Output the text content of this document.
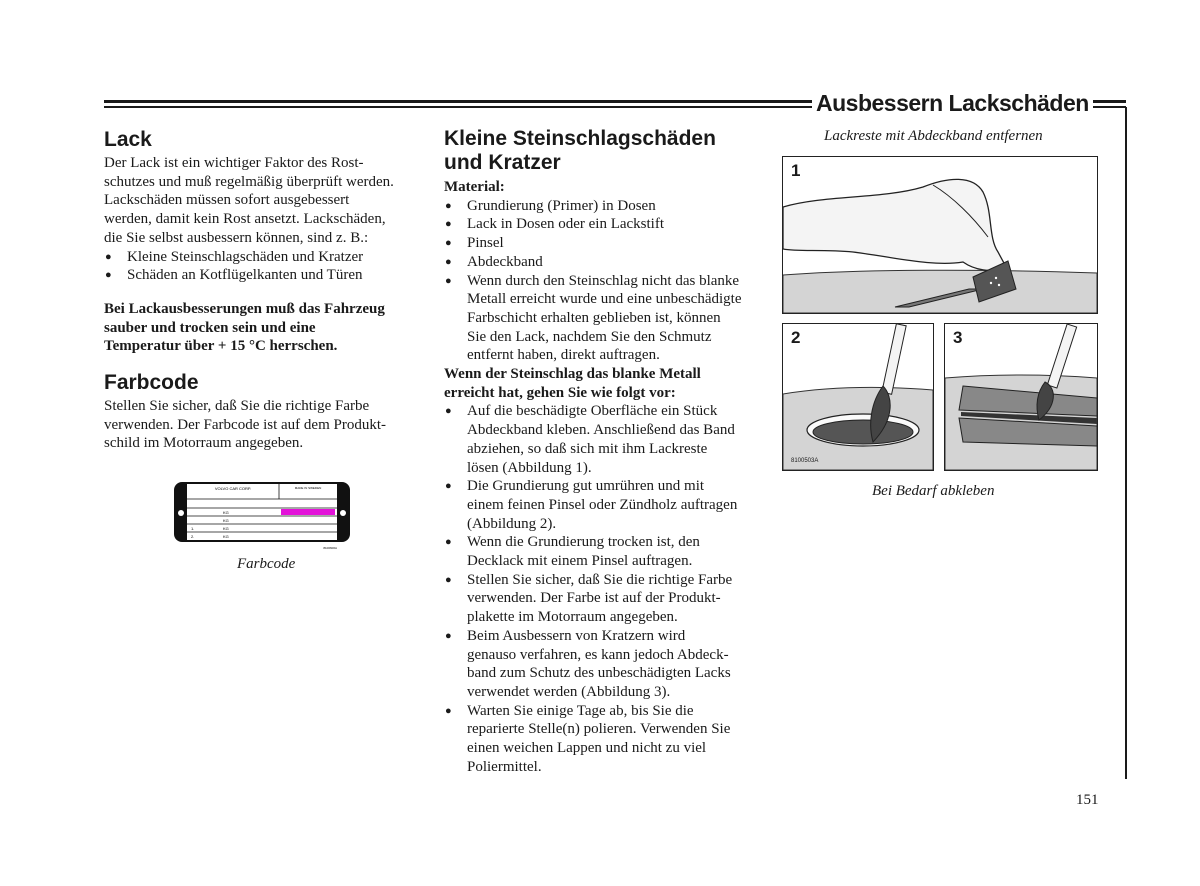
Ausbessern Lackschäden
Lack

Der Lack ist ein wichtiger Faktor des Rost-
schutzes und muß regelmäßig überprüft werden.
Lackschäden müssen sofort ausgebessert
werden, damit kein Rost ansetzt. Lackschäden,
die Sie selbst ausbessern können, sind z. B.:

● Kleine Steinschlagschäden und Kratzer
● Schäden an Kotflügelkanten und Türen

Bei Lackausbesserungen muß das Fahrzeug
sauber und trocken sein und eine
Temperatur über + 15 °C herrschen.

Farbcode

Stellen Sie sicher, daß Sie die richtige Farbe
verwenden. Der Farbcode ist auf dem Produkt-
schild im Motorraum angegeben.

VOLVO CAR CORP.	MADE IN SWEDEN
KG
KG
1.	KG
2.	KG
8100600A
Farbcode
Kleine Steinschlagschäden
und Kratzer

Material:

● Grundierung (Primer) in Dosen
● Lack in Dosen oder ein Lackstift
● Pinsel
● Abdeckband
● Wenn durch den Steinschlag nicht das blanke
Metall erreicht wurde und eine unbeschädigte
Farbschicht erhalten geblieben ist, können
Sie den Lack, nachdem Sie den Schmutz
entfernt haben, direkt auftragen.

Wenn der Steinschlag das blanke Metall
erreicht hat, gehen Sie wie folgt vor:

● Auf die beschädigte Oberfläche ein Stück
Abdeckband kleben. Anschließend das Band
abziehen, so daß sich mit ihm Lackreste
lösen (Abbildung 1).
● Die Grundierung gut umrühren und mit
einem feinen Pinsel oder Zündholz auftragen
(Abbildung 2).
● Wenn die Grundierung trocken ist, den
Decklack mit einem Pinsel auftragen.
● Stellen Sie sicher, daß Sie die richtige Farbe
verwenden. Der Farbe ist auf der Produkt-
plakette im Motorraum angegeben.
● Beim Ausbessern von Kratzern wird
genauso verfahren, es kann jedoch Abdeck-
band zum Schutz des unbeschädigten Lacks
verwendet werden (Abbildung 3).
● Warten Sie einige Tage ab, bis Sie die
reparierte Stelle(n) polieren. Verwenden Sie
einen weichen Lappen und nicht zu viel
Poliermittel.
Lackreste mit Abdeckband entfernen
1
2
8100503A
3
Bei Bedarf abkleben
151
